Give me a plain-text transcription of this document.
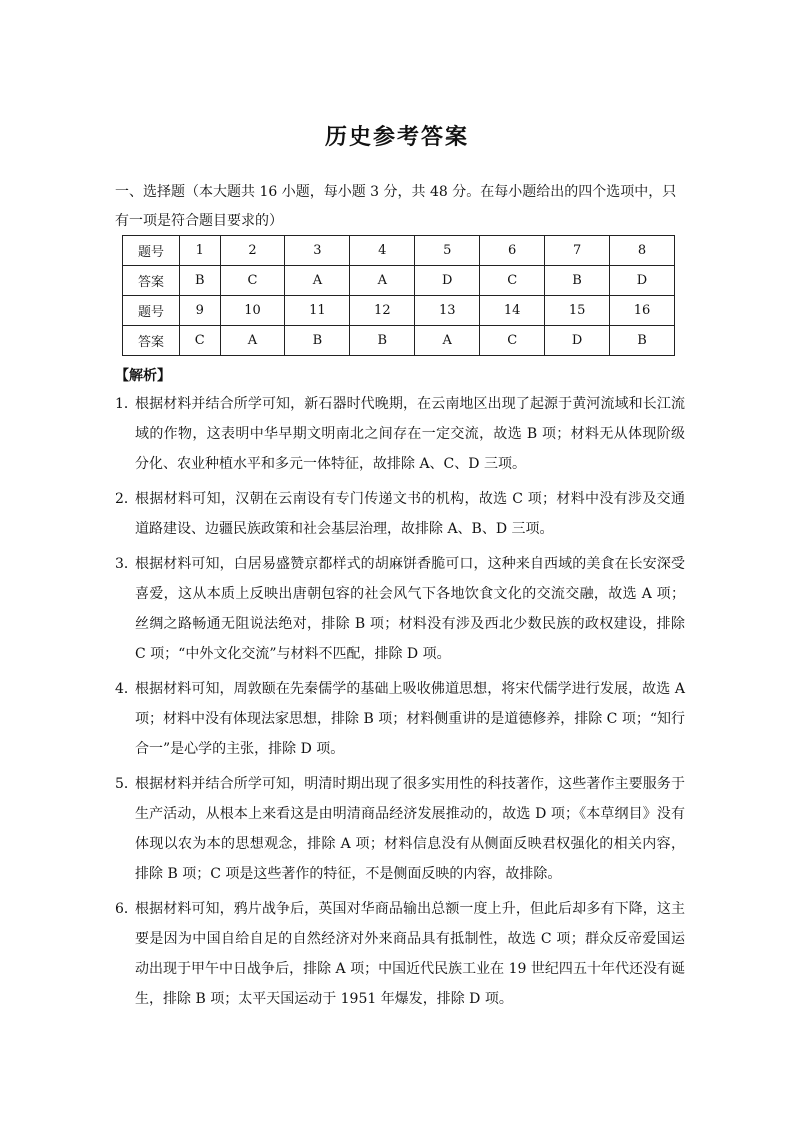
历史参考答案
一、选择题（本大题共 16 小题，每小题 3 分，共 48 分。在每小题给出的四个选项中，只有一项是符合题目要求的）
题号	1	2	3	4	5	6	7	8
答案	B	C	A	A	D	C	B	D
题号	9	10	11	12	13	14	15	16
答案	C	A	B	B	A	C	D	B
【解析】
1．
根据材料并结合所学可知，新石器时代晚期，在云南地区出现了起源于黄河流域和长江流域的作物，这表明中华早期文明南北之间存在一定交流，故选 B 项；材料无从体现阶级分化、农业种植水平和多元一体特征，故排除 A、C、D 三项。
2．
根据材料可知，汉朝在云南设有专门传递文书的机构，故选 C 项；材料中没有涉及交通道路建设、边疆民族政策和社会基层治理，故排除 A、B、D 三项。
3．
根据材料可知，白居易盛赞京都样式的胡麻饼香脆可口，这种来自西域的美食在长安深受喜爱，这从本质上反映出唐朝包容的社会风气下各地饮食文化的交流交融，故选 A 项；丝绸之路畅通无阻说法绝对，排除 B 项；材料没有涉及西北少数民族的政权建设，排除 C 项；“中外文化交流”与材料不匹配，排除 D 项。
4．
根据材料可知，周敦颐在先秦儒学的基础上吸收佛道思想，将宋代儒学进行发展，故选 A 项；材料中没有体现法家思想，排除 B 项；材料侧重讲的是道德修养，排除 C 项；“知行合一”是心学的主张，排除 D 项。
5．
根据材料并结合所学可知，明清时期出现了很多实用性的科技著作，这些著作主要服务于生产活动，从根本上来看这是由明清商品经济发展推动的，故选 D 项；《本草纲目》没有体现以农为本的思想观念，排除 A 项；材料信息没有从侧面反映君权强化的相关内容，排除 B 项；C 项是这些著作的特征，不是侧面反映的内容，故排除。
6．
根据材料可知，鸦片战争后，英国对华商品输出总额一度上升，但此后却多有下降，这主要是因为中国自给自足的自然经济对外来商品具有抵制性，故选 C 项；群众反帝爱国运动出现于甲午中日战争后，排除 A 项；中国近代民族工业在 19 世纪四五十年代还没有诞生，排除 B 项；太平天国运动于 1951 年爆发，排除 D 项。
